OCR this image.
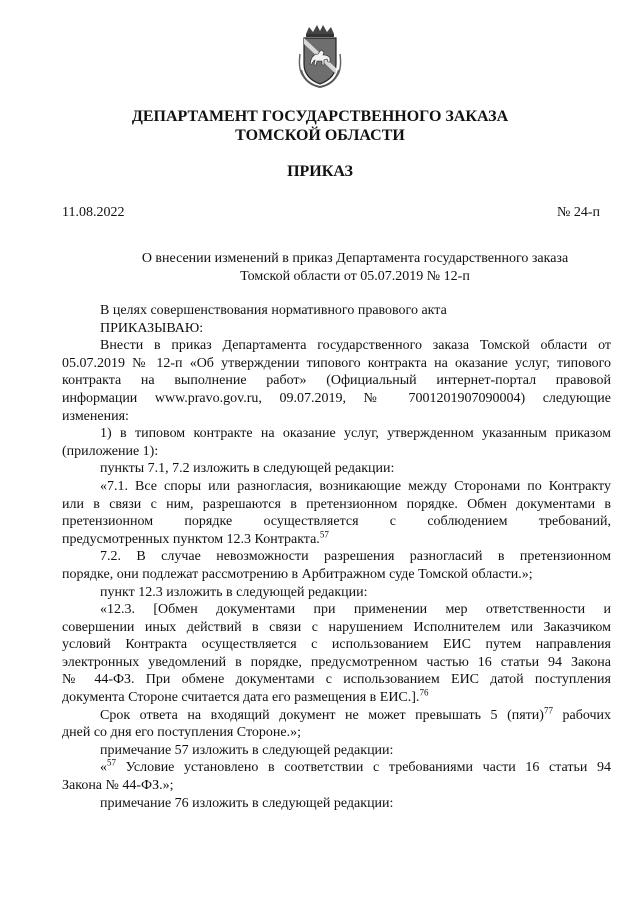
ДЕПАРТАМЕНТ ГОСУДАРСТВЕННОГО ЗАКАЗА
ТОМСКОЙ ОБЛАСТИ
ПРИКАЗ
11.08.2022	№ 24-п
О внесении изменений в приказ Департамента государственного заказа
Томской области от 05.07.2019 № 12-п
В целях совершенствования нормативного правового акта
ПРИКАЗЫВАЮ:
Внести в приказ Департамента государственного заказа Томской области от
05.07.2019 № 12-п «Об утверждении типового контракта на оказание услуг, типового
контракта на выполнение работ» (Официальный интернет-портал правовой
информации www.pravo.gov.ru, 09.07.2019, № 7001201907090004) следующие
изменения:
1) в типовом контракте на оказание услуг, утвержденном указанным приказом
(приложение 1):
пункты 7.1, 7.2 изложить в следующей редакции:
«7.1. Все споры или разногласия, возникающие между Сторонами по Контракту
или в связи с ним, разрешаются в претензионном порядке. Обмен документами в
претензионном порядке осуществляется с соблюдением требований,
предусмотренных пунктом 12.3 Контракта.$^{57}$
7.2. В случае невозможности разрешения разногласий в претензионном
порядке, они подлежат рассмотрению в Арбитражном суде Томской области.»;
пункт 12.3 изложить в следующей редакции:
«12.3. [Обмен документами при применении мер ответственности и
совершении иных действий в связи с нарушением Исполнителем или Заказчиком
условий Контракта осуществляется с использованием ЕИС путем направления
электронных уведомлений в порядке, предусмотренном частью 16 статьи 94 Закона
№ 44-ФЗ. При обмене документами с использованием ЕИС датой поступления
документа Стороне считается дата его размещения в ЕИС.].$^{76}$
Срок ответа на входящий документ не может превышать 5 (пяти)$^{77}$ рабочих
дней со дня его поступления Стороне.»;
примечание 57 изложить в следующей редакции:
«$^{57}$ Условие установлено в соответствии с требованиями части 16 статьи 94
Закона № 44-ФЗ.»;
примечание 76 изложить в следующей редакции:
